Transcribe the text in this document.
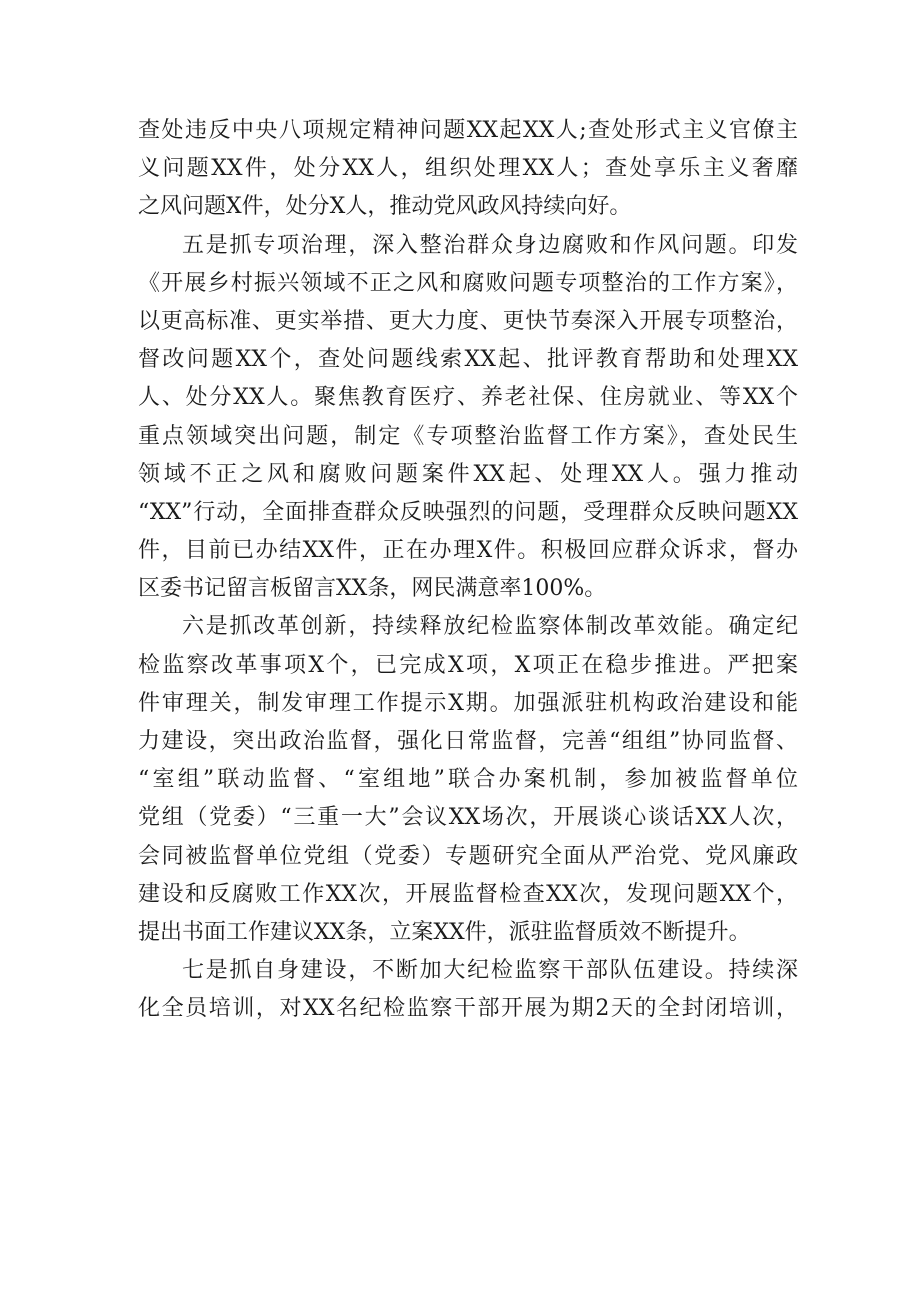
查处违反中央八项规定精神问题XX起XX人;查处形式主义官僚主
义问题XX件，处分XX人，组织处理XX人；查处享乐主义奢靡
之风问题X件，处分X人，推动党风政风持续向好。
五是抓专项治理，深入整治群众身边腐败和作风问题。印发
《开展乡村振兴领域不正之风和腐败问题专项整治的工作方案》，
以更高标准、更实举措、更大力度、更快节奏深入开展专项整治，
督改问题XX个，查处问题线索XX起、批评教育帮助和处理XX
人、处分XX人。聚焦教育医疗、养老社保、住房就业、等XX个
重点领域突出问题，制定《专项整治监督工作方案》，查处民生
领域不正之风和腐败问题案件XX起、处理XX人。强力推动
“XX”行动，全面排查群众反映强烈的问题，受理群众反映问题XX
件，目前已办结XX件，正在办理X件。积极回应群众诉求，督办
区委书记留言板留言XX条，网民满意率100%。
六是抓改革创新，持续释放纪检监察体制改革效能。确定纪
检监察改革事项X个，已完成X项，X项正在稳步推进。严把案
件审理关，制发审理工作提示X期。加强派驻机构政治建设和能
力建设，突出政治监督，强化日常监督，完善“组组”协同监督、
“室组”联动监督、“室组地”联合办案机制，参加被监督单位
党组（党委）“三重一大”会议XX场次，开展谈心谈话XX人次，
会同被监督单位党组（党委）专题研究全面从严治党、党风廉政
建设和反腐败工作XX次，开展监督检查XX次，发现问题XX个，
提出书面工作建议XX条，立案XX件，派驻监督质效不断提升。
七是抓自身建设，不断加大纪检监察干部队伍建设。持续深
化全员培训，对XX名纪检监察干部开展为期2天的全封闭培训，
